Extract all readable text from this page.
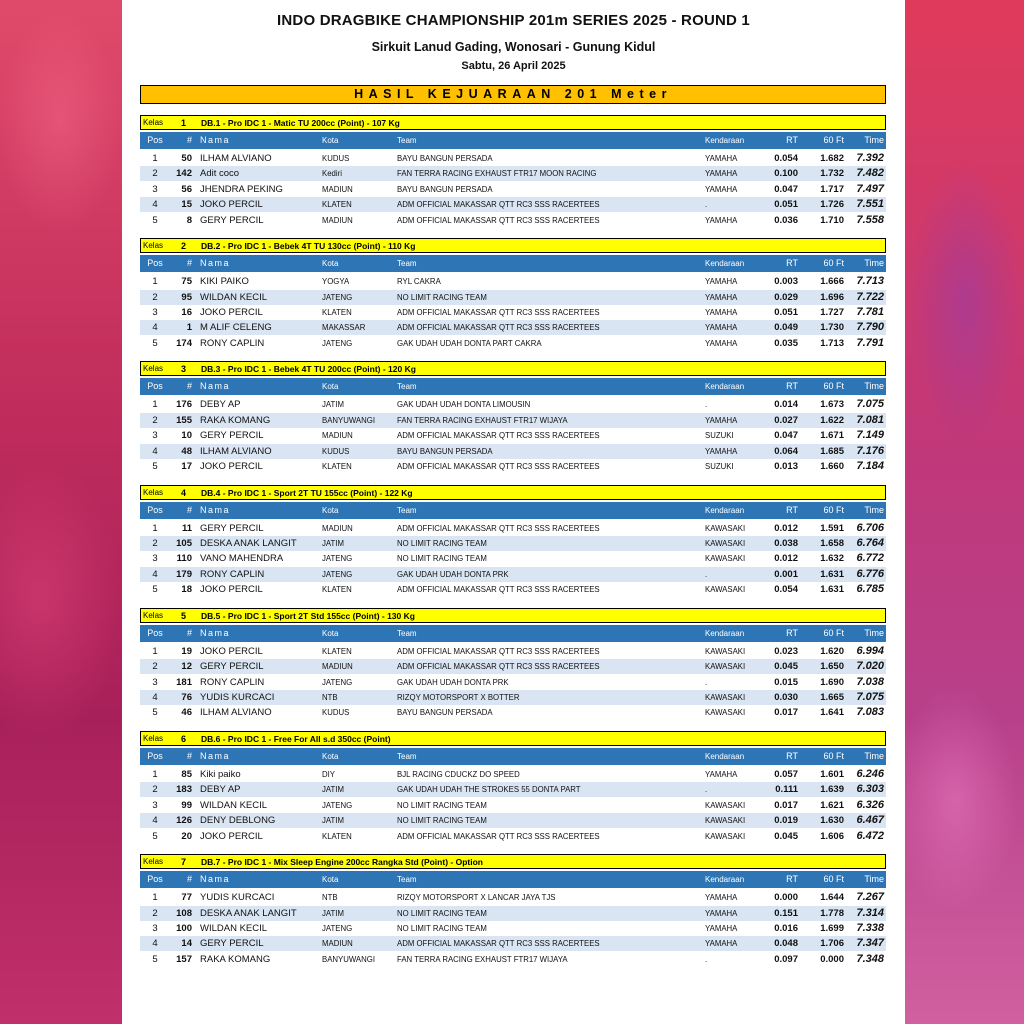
INDO DRAGBIKE CHAMPIONSHIP 201m SERIES 2025 - ROUND 1
Sirkuit Lanud Gading, Wonosari - Gunung Kidul
Sabtu, 26 April 2025
HASIL KEJUARAAN 201 Meter
Kelas 1 DB.1 - Pro IDC 1 - Matic TU 200cc (Point) - 107 Kg
Pos	# Nama	Kota	Team	Kendaraan	RT	60 Ft	Time
1	50 ILHAM ALVIANO	KUDUS	BAYU BANGUN PERSADA	YAMAHA	0.054	1.682	7.392
2	142 Adit coco	Kediri	FAN TERRA RACING EXHAUST FTR17 MOON RACING	YAMAHA	0.100	1.732	7.482
3	56 JHENDRA PEKING	MADIUN	BAYU BANGUN PERSADA	YAMAHA	0.047	1.717	7.497
4	15 JOKO PERCIL	KLATEN	ADM OFFICIAL MAKASSAR QTT RC3 SSS RACERTEES	.	0.051	1.726	7.551
5	8 GERY PERCIL	MADIUN	ADM OFFICIAL MAKASSAR QTT RC3 SSS RACERTEES	YAMAHA	0.036	1.710	7.558
Kelas 2 DB.2 - Pro IDC 1 - Bebek 4T TU 130cc (Point) - 110 Kg
Pos	# Nama	Kota	Team	Kendaraan	RT	60 Ft	Time
1	75 KIKI PAIKO	YOGYA	RYL CAKRA	YAMAHA	0.003	1.666	7.713
2	95 WILDAN KECIL	JATENG	NO LIMIT RACING TEAM	YAMAHA	0.029	1.696	7.722
3	16 JOKO PERCIL	KLATEN	ADM OFFICIAL MAKASSAR QTT RC3 SSS RACERTEES	YAMAHA	0.051	1.727	7.781
4	1 M ALIF CELENG	MAKASSAR	ADM OFFICIAL MAKASSAR QTT RC3 SSS RACERTEES	YAMAHA	0.049	1.730	7.790
5	174 RONY CAPLIN	JATENG	GAK UDAH UDAH DONTA PART CAKRA	YAMAHA	0.035	1.713	7.791
Kelas 3 DB.3 - Pro IDC 1 - Bebek 4T TU 200cc (Point) - 120 Kg
Pos	# Nama	Kota	Team	Kendaraan	RT	60 Ft	Time
1	176 DEBY AP	JATIM	GAK UDAH UDAH DONTA LIMOUSIN	.	0.014	1.673	7.075
2	155 RAKA KOMANG	BANYUWANGI	FAN TERRA RACING EXHAUST FTR17 WIJAYA	YAMAHA	0.027	1.622	7.081
3	10 GERY PERCIL	MADIUN	ADM OFFICIAL MAKASSAR QTT RC3 SSS RACERTEES	SUZUKI	0.047	1.671	7.149
4	48 ILHAM ALVIANO	KUDUS	BAYU BANGUN PERSADA	YAMAHA	0.064	1.685	7.176
5	17 JOKO PERCIL	KLATEN	ADM OFFICIAL MAKASSAR QTT RC3 SSS RACERTEES	SUZUKI	0.013	1.660	7.184
Kelas 4 DB.4 - Pro IDC 1 - Sport 2T TU 155cc (Point) - 122 Kg
Pos	# Nama	Kota	Team	Kendaraan	RT	60 Ft	Time
1	11 GERY PERCIL	MADIUN	ADM OFFICIAL MAKASSAR QTT RC3 SSS RACERTEES	KAWASAKI	0.012	1.591	6.706
2	105 DESKA ANAK LANGIT	JATIM	NO LIMIT RACING TEAM	KAWASAKI	0.038	1.658	6.764
3	110 VANO MAHENDRA	JATENG	NO LIMIT RACING TEAM	KAWASAKI	0.012	1.632	6.772
4	179 RONY CAPLIN	JATENG	GAK UDAH UDAH DONTA PRK	.	0.001	1.631	6.776
5	18 JOKO PERCIL	KLATEN	ADM OFFICIAL MAKASSAR QTT RC3 SSS RACERTEES	KAWASAKI	0.054	1.631	6.785
Kelas 5 DB.5 - Pro IDC 1 - Sport 2T Std 155cc (Point) - 130 Kg
Pos	# Nama	Kota	Team	Kendaraan	RT	60 Ft	Time
1	19 JOKO PERCIL	KLATEN	ADM OFFICIAL MAKASSAR QTT RC3 SSS RACERTEES	KAWASAKI	0.023	1.620	6.994
2	12 GERY PERCIL	MADIUN	ADM OFFICIAL MAKASSAR QTT RC3 SSS RACERTEES	KAWASAKI	0.045	1.650	7.020
3	181 RONY CAPLIN	JATENG	GAK UDAH UDAH DONTA PRK	.	0.015	1.690	7.038
4	76 YUDIS KURCACI	NTB	RIZQY MOTORSPORT X BOTTER	KAWASAKI	0.030	1.665	7.075
5	46 ILHAM ALVIANO	KUDUS	BAYU BANGUN PERSADA	KAWASAKI	0.017	1.641	7.083
Kelas 6 DB.6 - Pro IDC 1 - Free For All s.d 350cc (Point)
Pos	# Nama	Kota	Team	Kendaraan	RT	60 Ft	Time
1	85 Kiki paiko	DIY	BJL RACING CDUCKZ DO SPEED	YAMAHA	0.057	1.601	6.246
2	183 DEBY AP	JATIM	GAK UDAH UDAH THE STROKES 55 DONTA PART	.	0.111	1.639	6.303
3	99 WILDAN KECIL	JATENG	NO LIMIT RACING TEAM	KAWASAKI	0.017	1.621	6.326
4	126 DENY DEBLONG	JATIM	NO LIMIT RACING TEAM	KAWASAKI	0.019	1.630	6.467
5	20 JOKO PERCIL	KLATEN	ADM OFFICIAL MAKASSAR QTT RC3 SSS RACERTEES	KAWASAKI	0.045	1.606	6.472
Kelas 7 DB.7 - Pro IDC 1 - Mix Sleep Engine 200cc Rangka Std (Point) - Option
Pos	# Nama	Kota	Team	Kendaraan	RT	60 Ft	Time
1	77 YUDIS KURCACI	NTB	RIZQY MOTORSPORT X LANCAR JAYA TJS	YAMAHA	0.000	1.644	7.267
2	108 DESKA ANAK LANGIT	JATIM	NO LIMIT RACING TEAM	YAMAHA	0.151	1.778	7.314
3	100 WILDAN KECIL	JATENG	NO LIMIT RACING TEAM	YAMAHA	0.016	1.699	7.338
4	14 GERY PERCIL	MADIUN	ADM OFFICIAL MAKASSAR QTT RC3 SSS RACERTEES	YAMAHA	0.048	1.706	7.347
5	157 RAKA KOMANG	BANYUWANGI	FAN TERRA RACING EXHAUST FTR17 WIJAYA	.	0.097	0.000	7.348
